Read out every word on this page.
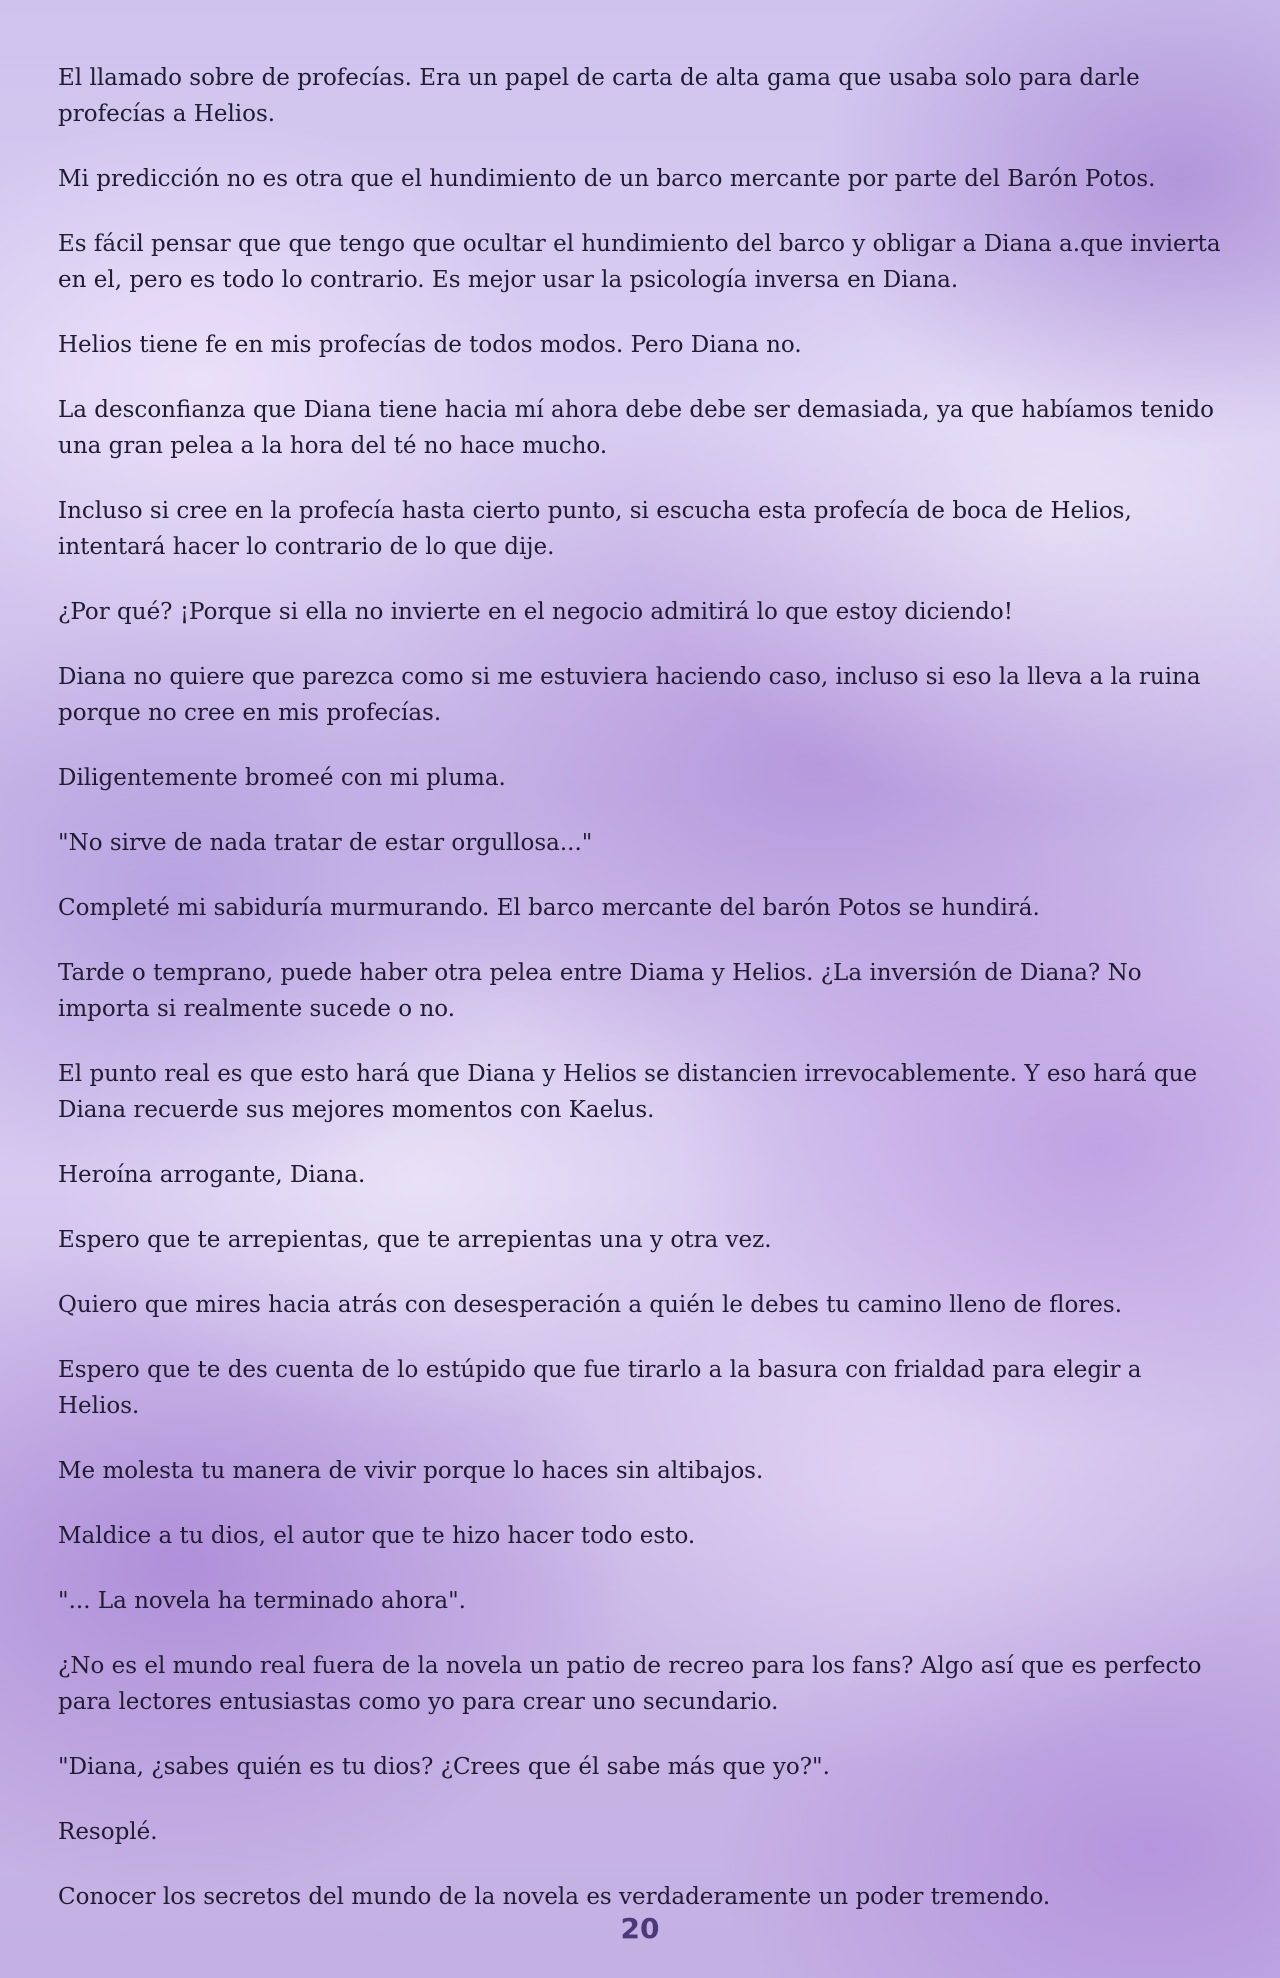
El llamado sobre de profecías. Era un papel de carta de alta gama que usaba solo para darle profecías a Helios.

Mi predicción no es otra que el hundimiento de un barco mercante por parte del Barón Potos.

Es fácil pensar que que tengo que ocultar el hundimiento del barco y obligar a Diana a.que invierta en el, pero es todo lo contrario. Es mejor usar la psicología inversa en Diana.

Helios tiene fe en mis profecías de todos modos. Pero Diana no.

La desconfianza que Diana tiene hacia mí ahora debe debe ser demasiada, ya que habíamos tenido una gran pelea a la hora del té no hace mucho.

Incluso si cree en la profecía hasta cierto punto, si escucha esta profecía de boca de Helios, intentará hacer lo contrario de lo que dije.

¿Por qué? ¡Porque si ella no invierte en el negocio admitirá lo que estoy diciendo!

Diana no quiere que parezca como si me estuviera haciendo caso, incluso si eso la lleva a la ruina porque no cree en mis profecías.

Diligentemente bromeé con mi pluma.

"No sirve de nada tratar de estar orgullosa..."

Completé mi sabiduría murmurando. El barco mercante del barón Potos se hundirá.

Tarde o temprano, puede haber otra pelea entre Diama y Helios. ¿La inversión de Diana? No importa si realmente sucede o no.

El punto real es que esto hará que Diana y Helios se distancien irrevocablemente. Y eso hará que Diana recuerde sus mejores momentos con Kaelus.

Heroína arrogante, Diana.

Espero que te arrepientas, que te arrepientas una y otra vez.

Quiero que mires hacia atrás con desesperación a quién le debes tu camino lleno de flores.

Espero que te des cuenta de lo estúpido que fue tirarlo a la basura con frialdad para elegir a Helios.

Me molesta tu manera de vivir porque lo haces sin altibajos.

Maldice a tu dios, el autor que te hizo hacer todo esto.

"... La novela ha terminado ahora".

¿No es el mundo real fuera de la novela un patio de recreo para los fans? Algo así que es perfecto para lectores entusiastas como yo para crear uno secundario.

"Diana, ¿sabes quién es tu dios? ¿Crees que él sabe más que yo?".

Resoplé.

Conocer los secretos del mundo de la novela es verdaderamente un poder tremendo.

20
